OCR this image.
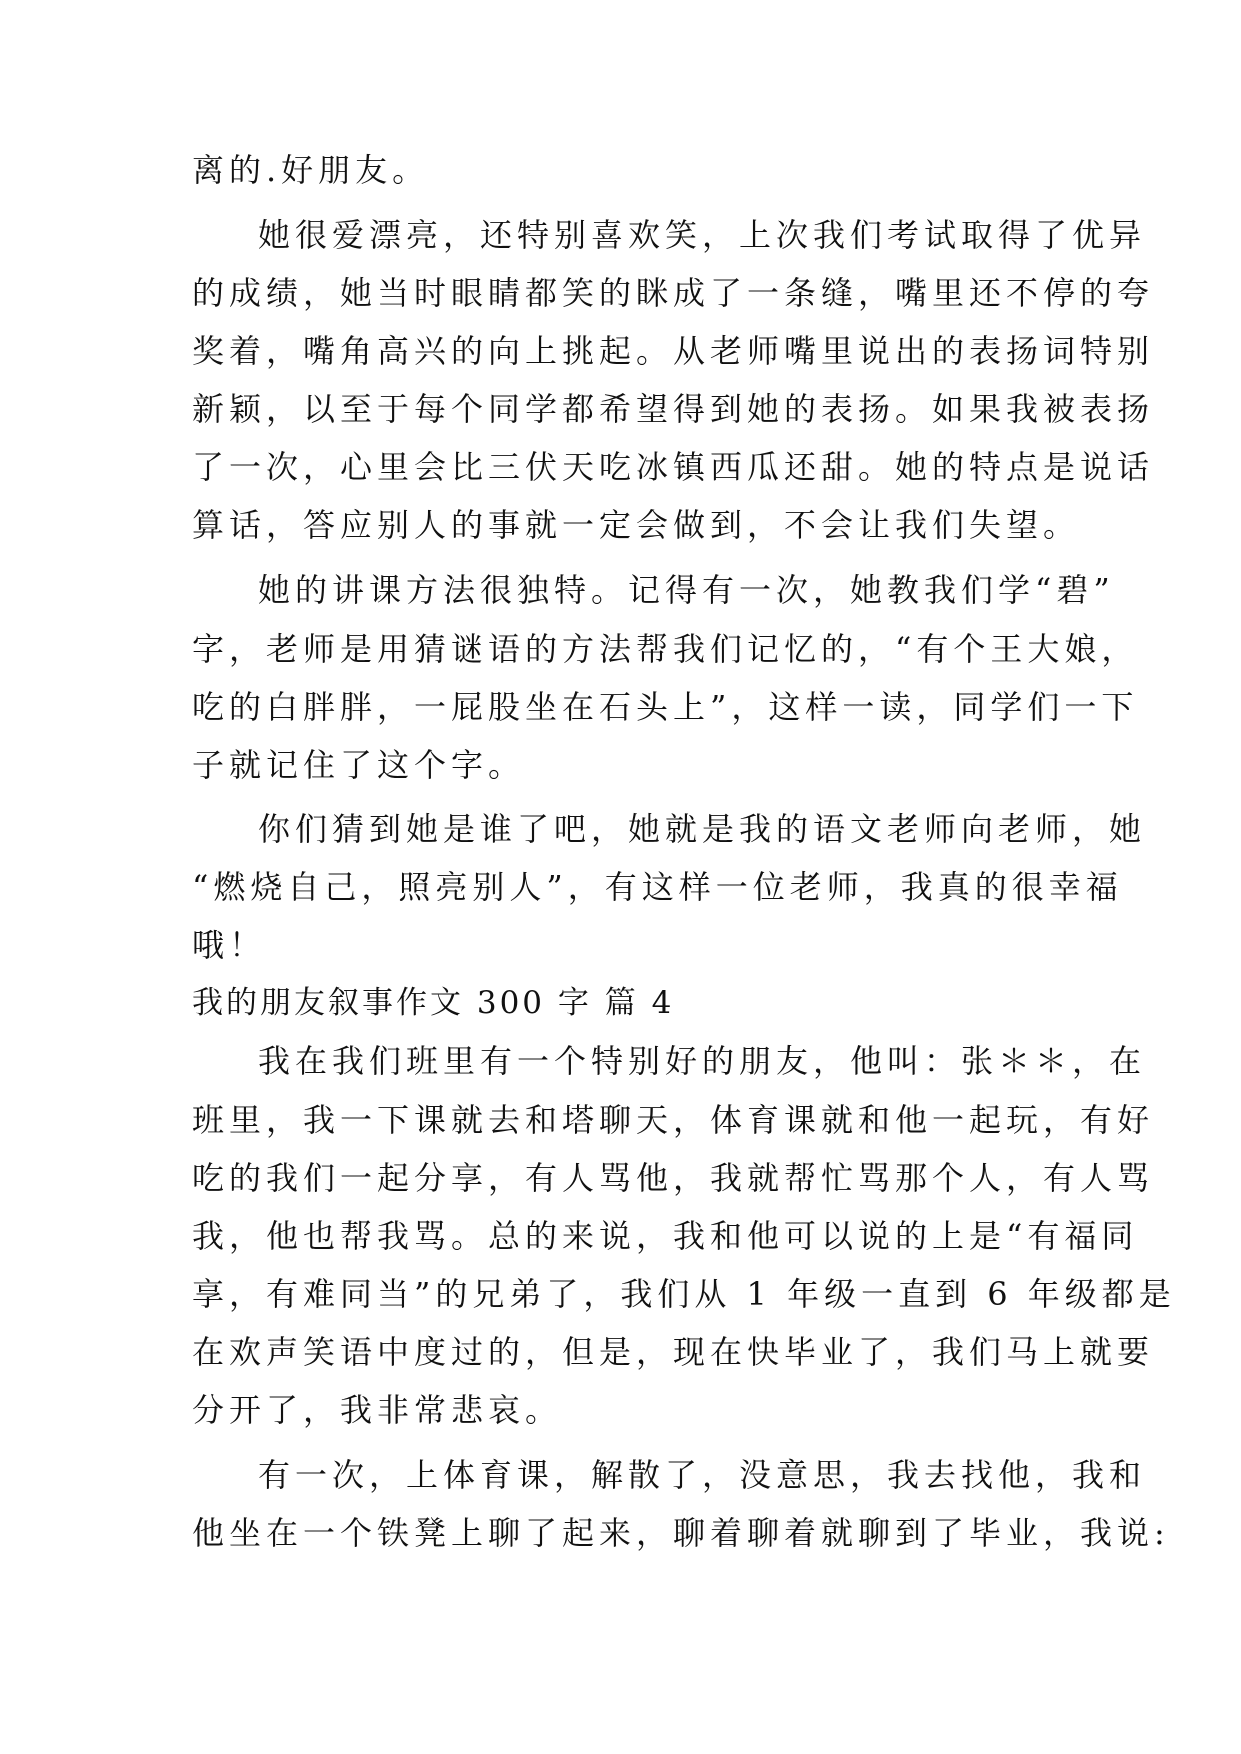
离的.好朋友。
她很爱漂亮，还特别喜欢笑，上次我们考试取得了优异
的成绩，她当时眼睛都笑的眯成了一条缝，嘴里还不停的夸
奖着，嘴角高兴的向上挑起。从老师嘴里说出的表扬词特别
新颖，以至于每个同学都希望得到她的表扬。如果我被表扬
了一次，心里会比三伏天吃冰镇西瓜还甜。她的特点是说话
算话，答应别人的事就一定会做到，不会让我们失望。
她的讲课方法很独特。记得有一次，她教我们学“碧”
字，老师是用猜谜语的方法帮我们记忆的，“有个王大娘，
吃的白胖胖，一屁股坐在石头上”，这样一读，同学们一下
子就记住了这个字。
你们猜到她是谁了吧，她就是我的语文老师向老师，她
“燃烧自己，照亮别人”，有这样一位老师，我真的很幸福
哦！
我的朋友叙事作文 300 字 篇 4
我在我们班里有一个特别好的朋友，他叫：张＊＊，在
班里，我一下课就去和塔聊天，体育课就和他一起玩，有好
吃的我们一起分享，有人骂他，我就帮忙骂那个人，有人骂
我，他也帮我骂。总的来说，我和他可以说的上是“有福同
享，有难同当”的兄弟了，我们从 1 年级一直到 6 年级都是
在欢声笑语中度过的，但是，现在快毕业了，我们马上就要
分开了，我非常悲哀。
有一次，上体育课，解散了，没意思，我去找他，我和
他坐在一个铁凳上聊了起来，聊着聊着就聊到了毕业，我说:
